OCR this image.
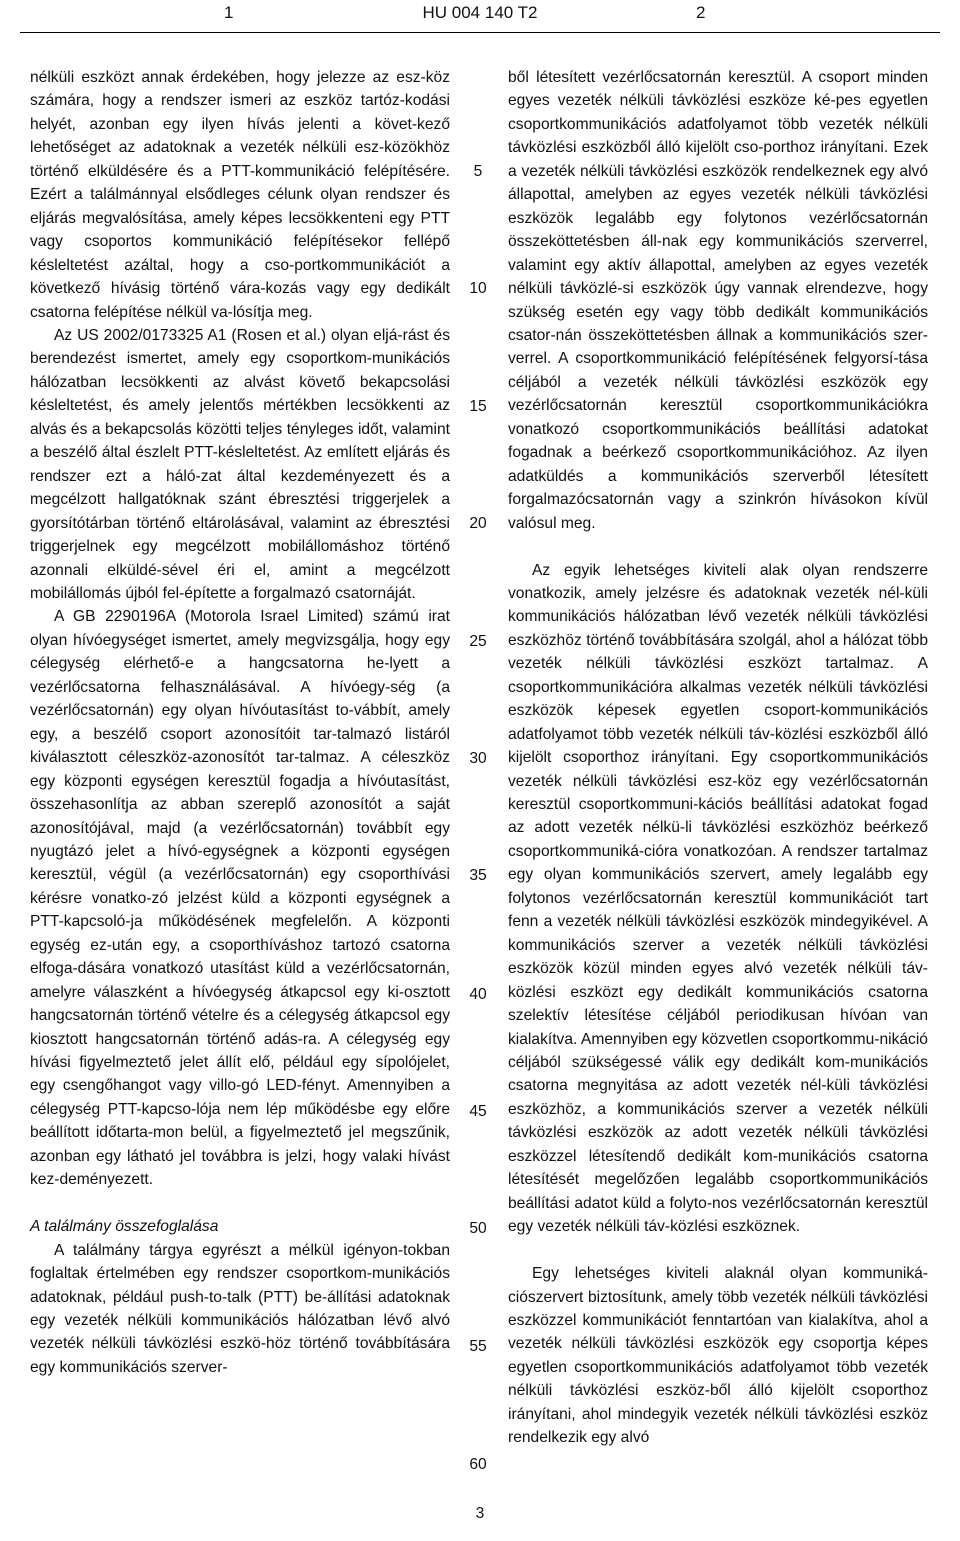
1	HU 004 140 T2	2

nélküli eszközt annak érdekében, hogy jelezze az esz-köz számára, hogy a rendszer ismeri az eszköz tartóz-kodási helyét, azonban egy ilyen hívás jelenti a követ-kező lehetőséget az adatoknak a vezeték nélküli esz-közökhöz történő elküldésére és a PTT-kommunikáció felépítésére. Ezért a találmánnyal elsődleges célunk olyan rendszer és eljárás megvalósítása, amely képes lecsökkenteni egy PTT vagy csoportos kommunikáció felépítésekor fellépő késleltetést azáltal, hogy a cso-portkommunikációt a következő hívásig történő vára-kozás vagy egy dedikált csatorna felépítése nélkül va-lósítja meg.

Az US 2002/0173325 A1 (Rosen et al.) olyan eljá-rást és berendezést ismertet, amely egy csoportkom-munikációs hálózatban lecsökkenti az alvást követő bekapcsolási késleltetést, és amely jelentős mértékben lecsökkenti az alvás és a bekapcsolás közötti teljes tényleges időt, valamint a beszélő által észlelt PTT-késleltetést. Az említett eljárás és rendszer ezt a háló-zat által kezdeményezett és a megcélzott hallgatóknak szánt ébresztési triggerjelek a gyorsítótárban történő eltárolásával, valamint az ébresztési triggerjelnek egy megcélzott mobilállomáshoz történő azonnali elküldé-sével éri el, amint a megcélzott mobilállomás újból fel-építette a forgalmazó csatornáját.

A GB 2290196A (Motorola Israel Limited) számú irat olyan hívóegységet ismertet, amely megvizsgálja, hogy egy célegység elérhető-e a hangcsatorna he-lyett a vezérlőcsatorna felhasználásával. A hívóegy-ség (a vezérlőcsatornán) egy olyan hívóutasítást to-vábbít, amely egy, a beszélő csoport azonosítóit tar-talmazó listáról kiválasztott céleszköz-azonosítót tar-talmaz. A céleszköz egy központi egységen keresztül fogadja a hívóutasítást, összehasonlítja az abban szereplő azonosítót a saját azonosítójával, majd (a vezérlőcsatornán) továbbít egy nyugtázó jelet a hívó-egységnek a központi egységen keresztül, végül (a vezérlőcsatornán) egy csoporthívási kérésre vonatko-zó jelzést küld a központi egységnek a PTT-kapcsoló-ja működésének megfelelőn. A központi egység ez-után egy, a csoporthíváshoz tartozó csatorna elfoga-dására vonatkozó utasítást küld a vezérlőcsatornán, amelyre válaszként a hívóegység átkapcsol egy ki-osztott hangcsatornán történő vételre és a célegység átkapcsol egy kiosztott hangcsatornán történő adás-ra. A célegység egy hívási figyelmeztető jelet állít elő, például egy sípolójelet, egy csengőhangot vagy villo-gó LED-fényt. Amennyiben a célegység PTT-kapcso-lója nem lép működésbe egy előre beállított időtarta-mon belül, a figyelmeztető jel megszűnik, azonban egy látható jel továbbra is jelzi, hogy valaki hívást kez-deményezett.

A találmány összefoglalása

A találmány tárgya egyrészt a mélkül igényon-tokban foglaltak értelmében egy rendszer csoportkom-munikációs adatoknak, például push-to-talk (PTT) be-állítási adatoknak egy vezeték nélküli kommunikációs hálózatban lévő alvó vezeték nélküli távközlési eszkö-höz történő továbbítására egy kommunikációs szerver-

5
10
15
20
25
30
35
40
45
50
55
60

ből létesített vezérlőcsatornán keresztül. A csoport minden egyes vezeték nélküli távközlési eszköze ké-pes egyetlen csoportkommunikációs adatfolyamot több vezeték nélküli távközlési eszközből álló kijelölt cso-porthoz irányítani. Ezek a vezeték nélküli távközlési eszközök rendelkeznek egy alvó állapottal, amelyben az egyes vezeték nélküli távközlési eszközök legalább egy folytonos vezérlőcsatornán összeköttetésben áll-nak egy kommunikációs szerverrel, valamint egy aktív állapottal, amelyben az egyes vezeték nélküli távközlé-si eszközök úgy vannak elrendezve, hogy szükség esetén egy vagy több dedikált kommunikációs csator-nán összeköttetésben állnak a kommunikációs szer-verrel. A csoportkommunikáció felépítésének felgyorsí-tása céljából a vezeték nélküli távközlési eszközök egy vezérlőcsatornán keresztül csoportkommunikációkra vonatkozó csoportkommunikációs beállítási adatokat fogadnak a beérkező csoportkommunikációhoz. Az ilyen adatküldés a kommunikációs szerverből létesített forgalmazócsatornán vagy a szinkrón hívásokon kívül valósul meg.

Az egyik lehetséges kiviteli alak olyan rendszerre vonatkozik, amely jelzésre és adatoknak vezeték nél-küli kommunikációs hálózatban lévő vezeték nélküli távközlési eszközhöz történő továbbítására szolgál, ahol a hálózat több vezeték nélküli távközlési eszközt tartalmaz. A csoportkommunikációra alkalmas vezeték nélküli távközlési eszközök képesek egyetlen csoport-kommunikációs adatfolyamot több vezeték nélküli táv-közlési eszközből álló kijelölt csoporthoz irányítani. Egy csoportkommunikációs vezeték nélküli távközlési esz-köz egy vezérlőcsatornán keresztül csoportkommuni-kációs beállítási adatokat fogad az adott vezeték nélkü-li távközlési eszközhöz beérkező csoportkommuniká-cióra vonatkozóan. A rendszer tartalmaz egy olyan kommunikációs szervert, amely legalább egy folytonos vezérlőcsatornán keresztül kommunikációt tart fenn a vezeték nélküli távközlési eszközök mindegyikével. A kommunikációs szerver a vezeték nélküli távközlési eszközök közül minden egyes alvó vezeték nélküli táv-közlési eszközt egy dedikált kommunikációs csatorna szelektív létesítése céljából periodikusan hívóan van kialakítva. Amennyiben egy közvetlen csoportkommu-nikáció céljából szükségessé válik egy dedikált kom-munikációs csatorna megnyitása az adott vezeték nél-küli távközlési eszközhöz, a kommunikációs szerver a vezeték nélküli távközlési eszközök az adott vezeték nélküli távközlési eszközzel létesítendő dedikált kom-munikációs csatorna létesítését megelőzően legalább csoportkommunikációs beállítási adatot küld a folyto-nos vezérlőcsatornán keresztül egy vezeték nélküli táv-közlési eszköznek.

Egy lehetséges kiviteli alaknál olyan kommuniká-ciószervert biztosítunk, amely több vezeték nélküli távközlési eszközzel kommunikációt fenntartóan van kialakítva, ahol a vezeték nélküli távközlési eszközök egy csoportja képes egyetlen csoportkommunikációs adatfolyamot több vezeték nélküli távközlési eszköz-ből álló kijelölt csoporthoz irányítani, ahol mindegyik vezeték nélküli távközlési eszköz rendelkezik egy alvó

3
